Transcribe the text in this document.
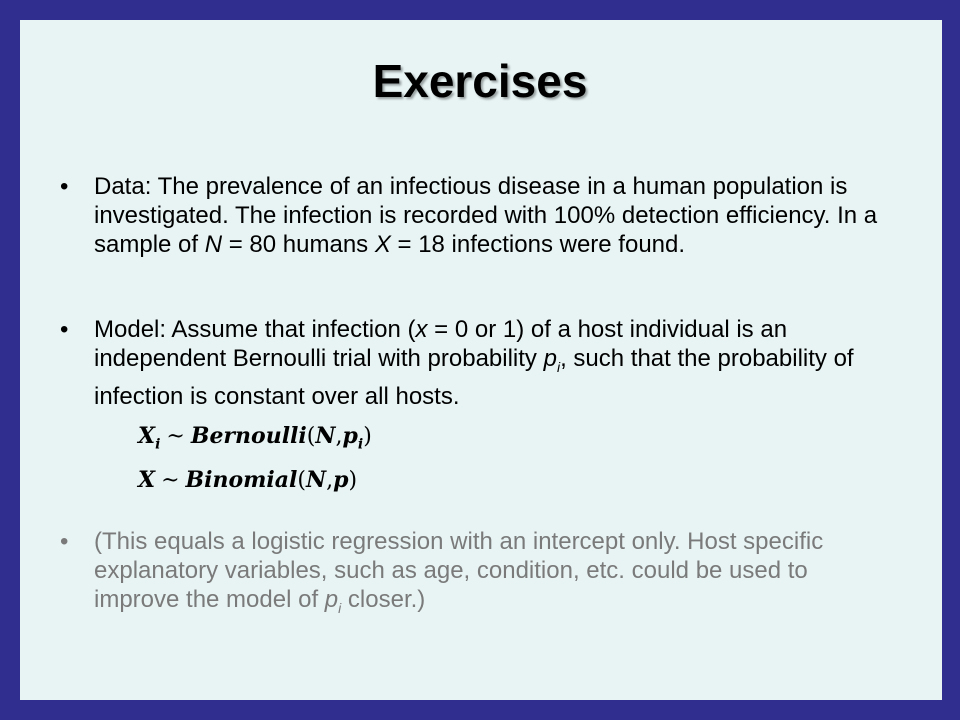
Exercises
•	Data: The prevalence of an infectious disease in a human population is investigated. The infection is recorded with 100% detection efficiency. In a sample of N = 80 humans X = 18 infections were found.
•	Model: Assume that infection (x = 0 or 1) of a host individual is an independent Bernoulli trial with probability $p_i$, such that the probability of infection is constant over all hosts.
$X_i$ ~ $Bernoulli(N,p_i)$
X ~ Binomial(N,p)
•	(This equals a logistic regression with an intercept only. Host specific explanatory variables, such as age, condition, etc. could be used to improve the model of $p_i$ closer.)
